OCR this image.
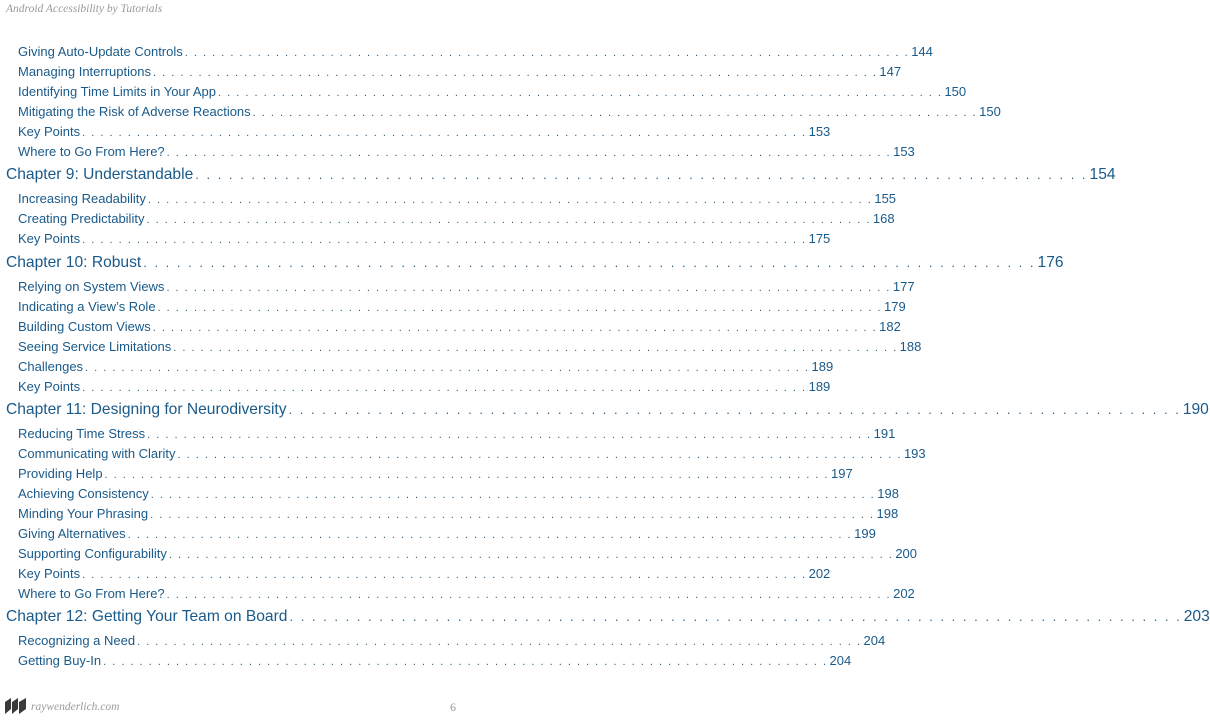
Android Accessibility by Tutorials
Giving Auto-Update Controls . . . . . . . . . . . . . . . . . . . . . . . . . . . . . . . . . . . . . . . . . . . . . . . . . . . . . . . . . . . . . . . . . . . . . . . . . . . . . . . . 144
Managing Interruptions . . . . . . . . . . . . . . . . . . . . . . . . . . . . . . . . . . . . . . . . . . . . . . . . . . . . . . . . . . . . . . . . . . . . . . . . . . . . . . . . 147
Identifying Time Limits in Your App . . . . . . . . . . . . . . . . . . . . . . . . . . . . . . . . . . . . . . . . . . . . . . . . . . . . . . . . . . . . . . . . . . . . . . . . . . . . . . . . 150
Mitigating the Risk of Adverse Reactions . . . . . . . . . . . . . . . . . . . . . . . . . . . . . . . . . . . . . . . . . . . . . . . . . . . . . . . . . . . . . . . . . . . . . . . . . . . . . . . . 150
Key Points . . . . . . . . . . . . . . . . . . . . . . . . . . . . . . . . . . . . . . . . . . . . . . . . . . . . . . . . . . . . . . . . . . . . . . . . . . . . . . . . 153
Where to Go From Here? . . . . . . . . . . . . . . . . . . . . . . . . . . . . . . . . . . . . . . . . . . . . . . . . . . . . . . . . . . . . . . . . . . . . . . . . . . . . . . . . 153
Chapter 9: Understandable . . . . . . . . . . . . . . . . . . . . . . . . . . . . . . . . . . . . . . . . . . . . . . . . . . . . . . . . . . . . . . . . . . . . . . . . . . . . . . . . 154
Increasing Readability . . . . . . . . . . . . . . . . . . . . . . . . . . . . . . . . . . . . . . . . . . . . . . . . . . . . . . . . . . . . . . . . . . . . . . . . . . . . . . . . 155
Creating Predictability . . . . . . . . . . . . . . . . . . . . . . . . . . . . . . . . . . . . . . . . . . . . . . . . . . . . . . . . . . . . . . . . . . . . . . . . . . . . . . . . 168
Key Points . . . . . . . . . . . . . . . . . . . . . . . . . . . . . . . . . . . . . . . . . . . . . . . . . . . . . . . . . . . . . . . . . . . . . . . . . . . . . . . . 175
Chapter 10: Robust . . . . . . . . . . . . . . . . . . . . . . . . . . . . . . . . . . . . . . . . . . . . . . . . . . . . . . . . . . . . . . . . . . . . . . . . . . . . . . . . 176
Relying on System Views . . . . . . . . . . . . . . . . . . . . . . . . . . . . . . . . . . . . . . . . . . . . . . . . . . . . . . . . . . . . . . . . . . . . . . . . . . . . . . . . 177
Indicating a View’s Role . . . . . . . . . . . . . . . . . . . . . . . . . . . . . . . . . . . . . . . . . . . . . . . . . . . . . . . . . . . . . . . . . . . . . . . . . . . . . . . . 179
Building Custom Views . . . . . . . . . . . . . . . . . . . . . . . . . . . . . . . . . . . . . . . . . . . . . . . . . . . . . . . . . . . . . . . . . . . . . . . . . . . . . . . . 182
Seeing Service Limitations . . . . . . . . . . . . . . . . . . . . . . . . . . . . . . . . . . . . . . . . . . . . . . . . . . . . . . . . . . . . . . . . . . . . . . . . . . . . . . . . 188
Challenges . . . . . . . . . . . . . . . . . . . . . . . . . . . . . . . . . . . . . . . . . . . . . . . . . . . . . . . . . . . . . . . . . . . . . . . . . . . . . . . . 189
Key Points . . . . . . . . . . . . . . . . . . . . . . . . . . . . . . . . . . . . . . . . . . . . . . . . . . . . . . . . . . . . . . . . . . . . . . . . . . . . . . . . 189
Chapter 11: Designing for Neurodiversity . . . . . . . . . . . . . . . . . . . . . . . . . . . . . . . . . . . . . . . . . . . . . . . . . . . . . . . . . . . . . . . . . . . . . . . . . . . . . . . . 190
Reducing Time Stress . . . . . . . . . . . . . . . . . . . . . . . . . . . . . . . . . . . . . . . . . . . . . . . . . . . . . . . . . . . . . . . . . . . . . . . . . . . . . . . . 191
Communicating with Clarity . . . . . . . . . . . . . . . . . . . . . . . . . . . . . . . . . . . . . . . . . . . . . . . . . . . . . . . . . . . . . . . . . . . . . . . . . . . . . . . . 193
Providing Help . . . . . . . . . . . . . . . . . . . . . . . . . . . . . . . . . . . . . . . . . . . . . . . . . . . . . . . . . . . . . . . . . . . . . . . . . . . . . . . . 197
Achieving Consistency . . . . . . . . . . . . . . . . . . . . . . . . . . . . . . . . . . . . . . . . . . . . . . . . . . . . . . . . . . . . . . . . . . . . . . . . . . . . . . . . 198
Minding Your Phrasing . . . . . . . . . . . . . . . . . . . . . . . . . . . . . . . . . . . . . . . . . . . . . . . . . . . . . . . . . . . . . . . . . . . . . . . . . . . . . . . . 198
Giving Alternatives . . . . . . . . . . . . . . . . . . . . . . . . . . . . . . . . . . . . . . . . . . . . . . . . . . . . . . . . . . . . . . . . . . . . . . . . . . . . . . . . 199
Supporting Configurability . . . . . . . . . . . . . . . . . . . . . . . . . . . . . . . . . . . . . . . . . . . . . . . . . . . . . . . . . . . . . . . . . . . . . . . . . . . . . . . . 200
Key Points . . . . . . . . . . . . . . . . . . . . . . . . . . . . . . . . . . . . . . . . . . . . . . . . . . . . . . . . . . . . . . . . . . . . . . . . . . . . . . . . 202
Where to Go From Here? . . . . . . . . . . . . . . . . . . . . . . . . . . . . . . . . . . . . . . . . . . . . . . . . . . . . . . . . . . . . . . . . . . . . . . . . . . . . . . . . 202
Chapter 12: Getting Your Team on Board . . . . . . . . . . . . . . . . . . . . . . . . . . . . . . . . . . . . . . . . . . . . . . . . . . . . . . . . . . . . . . . . . . . . . . . . . . . . . . . . 203
Recognizing a Need . . . . . . . . . . . . . . . . . . . . . . . . . . . . . . . . . . . . . . . . . . . . . . . . . . . . . . . . . . . . . . . . . . . . . . . . . . . . . . . . 204
Getting Buy-In . . . . . . . . . . . . . . . . . . . . . . . . . . . . . . . . . . . . . . . . . . . . . . . . . . . . . . . . . . . . . . . . . . . . . . . . . . . . . . . . 204
raywenderlich.com	6
